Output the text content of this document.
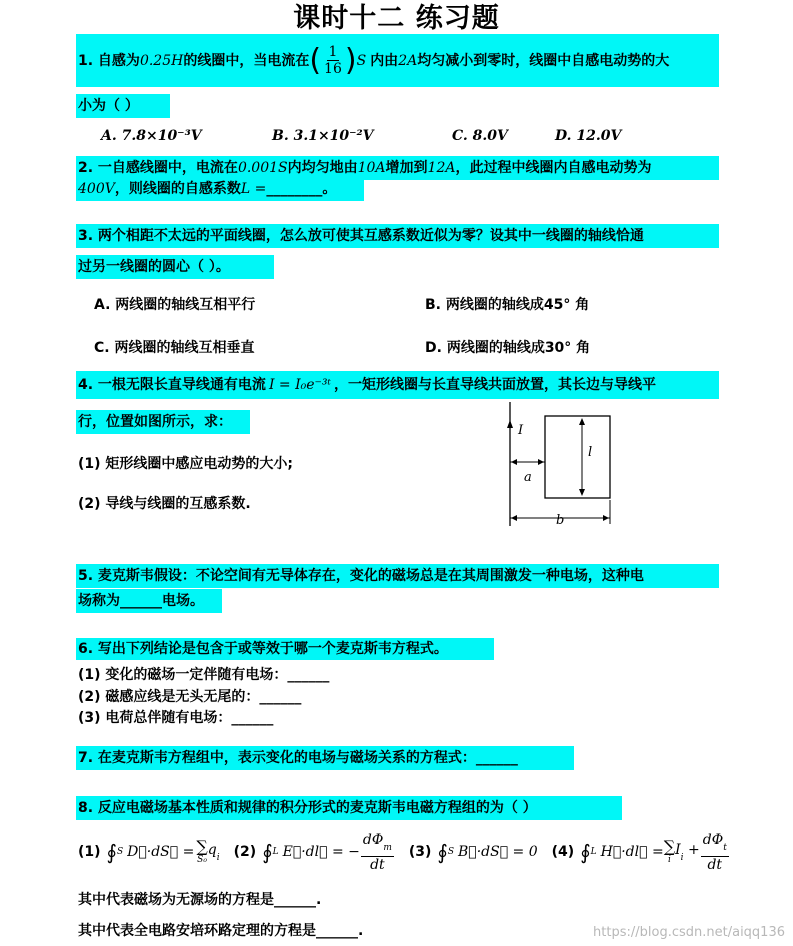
课时十二 练习题
1. 自感为 0.25H 的线圈中，当电流在 ( $\frac{1}{16}$ ) S 内由 2A 均匀减小到零时，线圈中自感电动势的大
小为（ ）
A. 7.8×10⁻³V	B. 3.1×10⁻²V	C. 8.0V	D. 12.0V
2. 一自感线圈中，电流在 0.001S 内均匀地由 10A 增加到 12A ，此过程中线圈内自感电动势为
400V ，则线圈的自感系数 L = ________。
3. 两个相距不太远的平面线圈，怎么放可使其互感系数近似为零？设其中一线圈的轴线恰通
过另一线圈的圆心（ ）。
A. 两线圈的轴线互相平行	B. 两线圈的轴线成45° 角
C. 两线圈的轴线互相垂直	D. 两线圈的轴线成30° 角
4. 一根无限长直导线通有电流 I = I₀e⁻³ᵗ ，一矩形线圈与长直导线共面放置，其长边与导线平
行，位置如图所示，求：
(1) 矩形线圈中感应电动势的大小;
(2) 导线与线圈的互感系数.
I
l
a
b
5. 麦克斯韦假设：不论空间有无导体存在，变化的磁场总是在其周围激发一种电场，这种电
场称为______电场。
6. 写出下列结论是包含于或等效于哪一个麦克斯韦方程式。
(1) 变化的磁场一定伴随有电场：______
(2) 磁感应线是无头无尾的：______
(3) 电荷总伴随有电场：______
7. 在麦克斯韦方程组中，表示变化的电场与磁场关系的方程式：______
8. 反应电磁场基本性质和规律的积分形式的麦克斯韦电磁方程组的为（ ）
(1) ∮ S D⃗·dS⃗ = ∑
S₀
$q_i$ (2) ∮ L E⃗·dl⃗ = − $\frac{d\Phi_m}{dt} (3)$ ∮ S B⃗·dS⃗ = 0 (4) ∮ L H⃗·dl⃗ = ∑
i
$I_i + \frac{d\Phi_t}{dt}$
其中代表磁场为无源场的方程是______.
其中代表全电路安培环路定理的方程是______.	https://blog.csdn.net/aiqq136
